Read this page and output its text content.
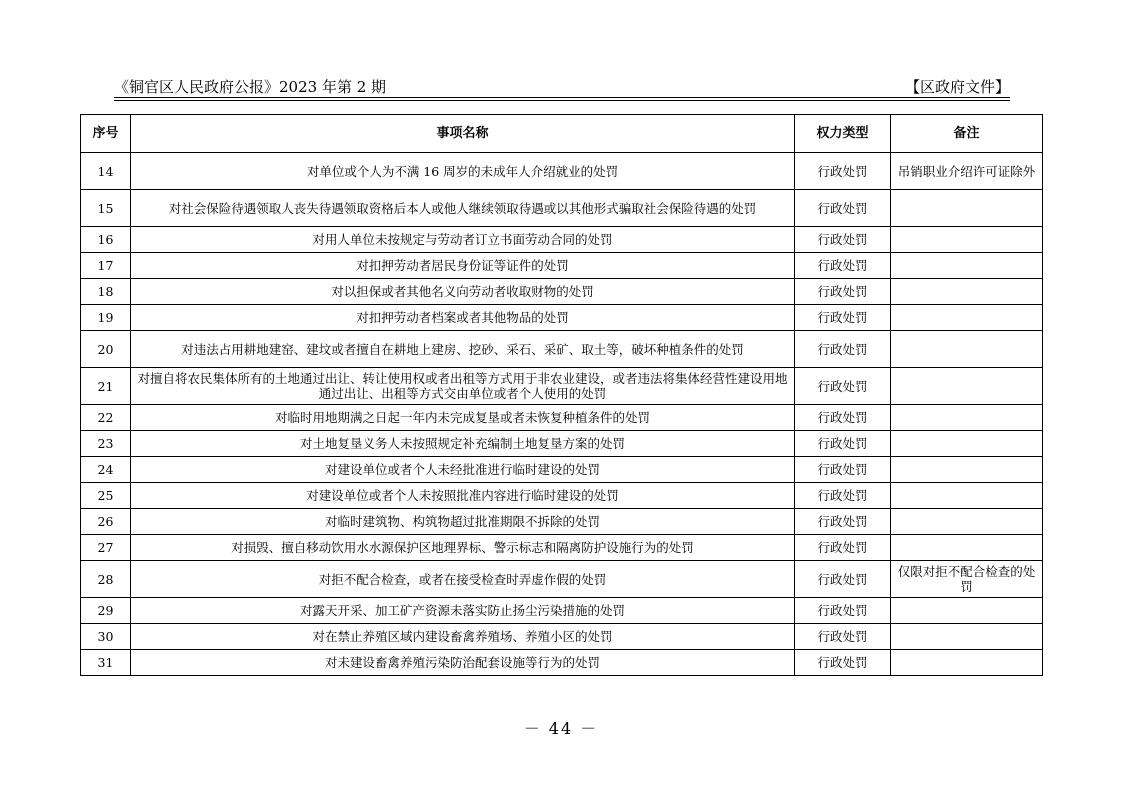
《铜官区人民政府公报》2023 年第 2 期	【区政府文件】
序号	事项名称	权力类型	备注
14	对单位或个人为不满 16 周岁的未成年人介绍就业的处罚	行政处罚	吊销职业介绍许可证除外
15	对社会保险待遇领取人丧失待遇领取资格后本人或他人继续领取待遇或以其他形式骗取社会保险待遇的处罚	行政处罚	
16	对用人单位未按规定与劳动者订立书面劳动合同的处罚	行政处罚	
17	对扣押劳动者居民身份证等证件的处罚	行政处罚	
18	对以担保或者其他名义向劳动者收取财物的处罚	行政处罚	
19	对扣押劳动者档案或者其他物品的处罚	行政处罚	
20	对违法占用耕地建窑、建坟或者擅自在耕地上建房、挖砂、采石、采矿、取土等，破坏种植条件的处罚	行政处罚	
21	对擅自将农民集体所有的土地通过出让、转让使用权或者出租等方式用于非农业建设，或者违法将集体经营性建设用地通过出让、出租等方式交由单位或者个人使用的处罚	行政处罚	
22	对临时用地期满之日起一年内未完成复垦或者未恢复种植条件的处罚	行政处罚	
23	对土地复垦义务人未按照规定补充编制土地复垦方案的处罚	行政处罚	
24	对建设单位或者个人未经批准进行临时建设的处罚	行政处罚	
25	对建设单位或者个人未按照批准内容进行临时建设的处罚	行政处罚	
26	对临时建筑物、构筑物超过批准期限不拆除的处罚	行政处罚	
27	对损毁、擅自移动饮用水水源保护区地理界标、警示标志和隔离防护设施行为的处罚	行政处罚	
28	对拒不配合检查，或者在接受检查时弄虚作假的处罚	行政处罚	仅限对拒不配合检查的处罚
29	对露天开采、加工矿产资源未落实防止扬尘污染措施的处罚	行政处罚	
30	对在禁止养殖区域内建设畜禽养殖场、养殖小区的处罚	行政处罚	
31	对未建设畜禽养殖污染防治配套设施等行为的处罚	行政处罚	
－ 44 －
